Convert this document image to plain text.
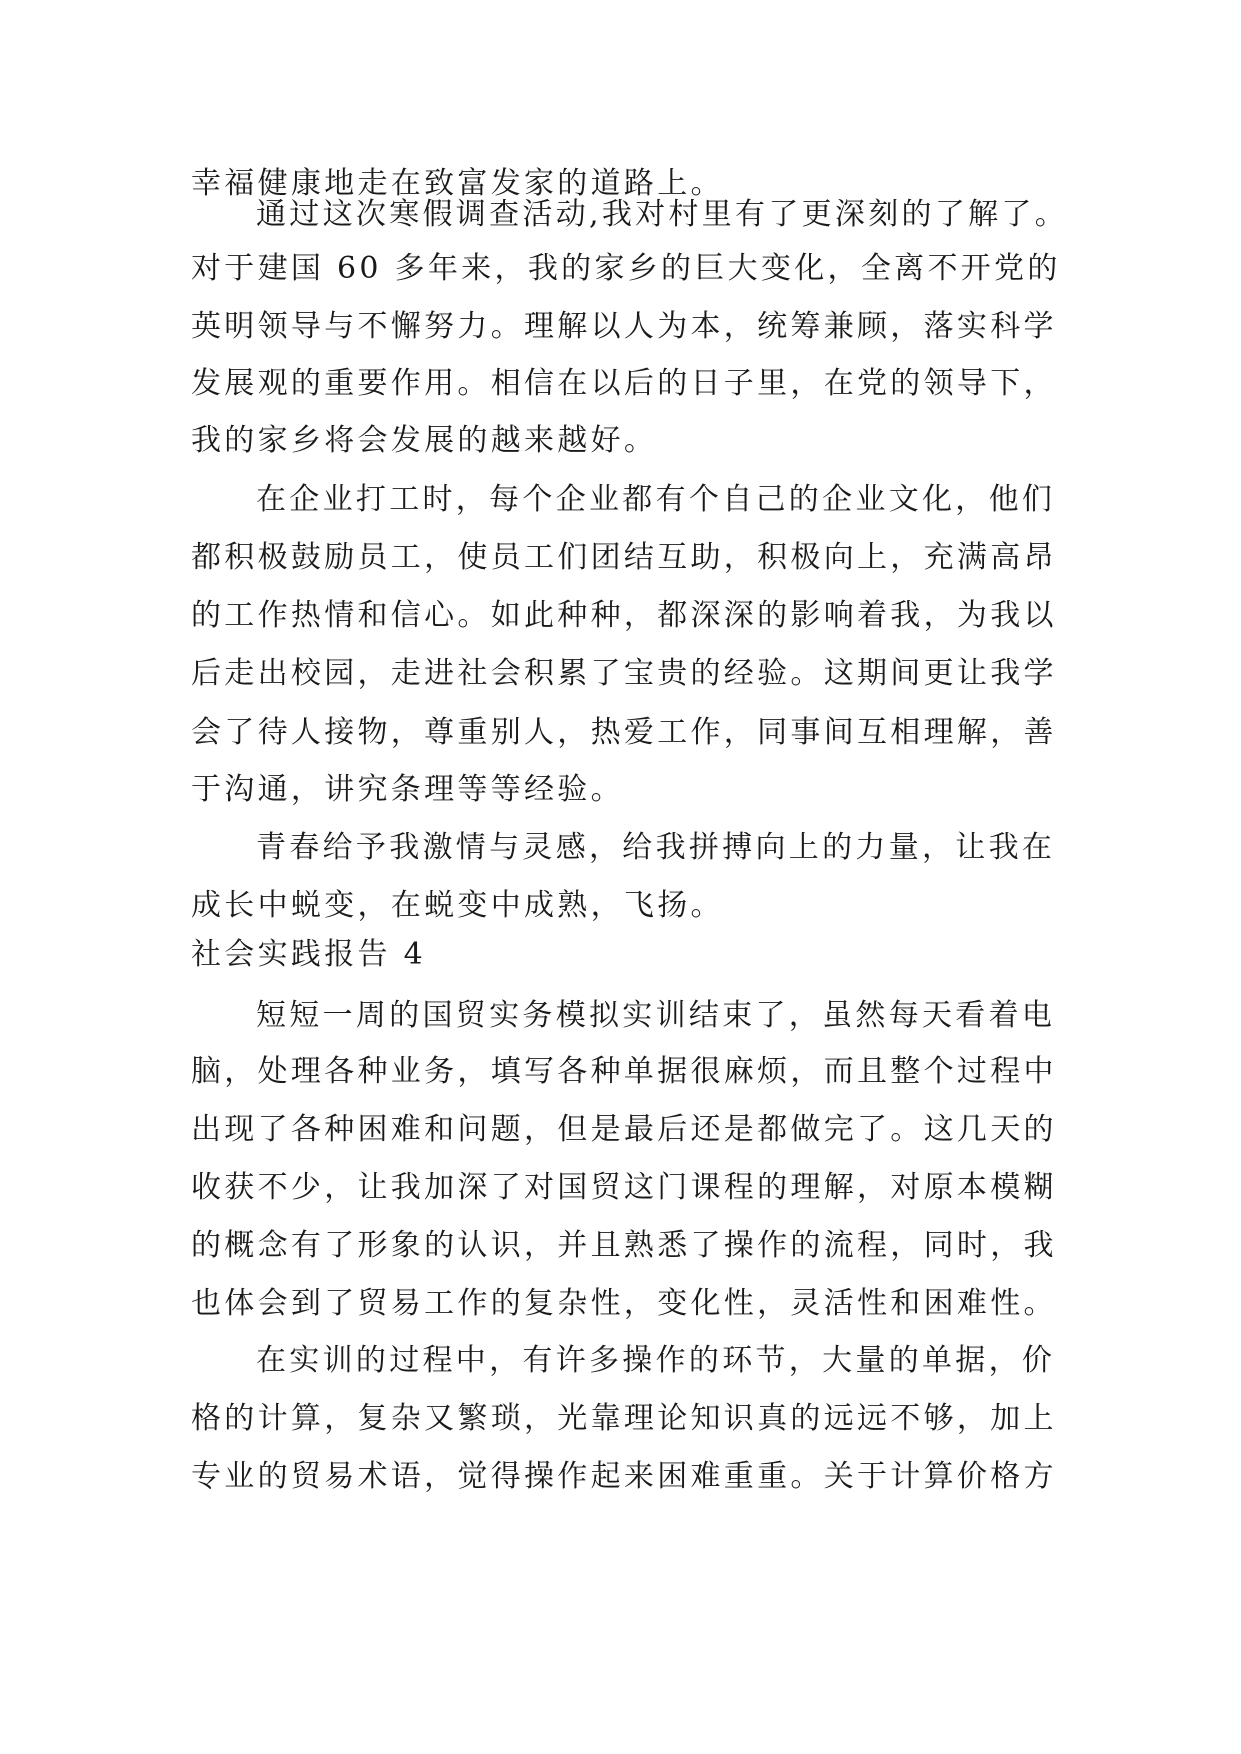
幸福健康地走在致富发家的道路上。
通过这次寒假调查活动,我对村里有了更深刻的了解了。
对于建国 60 多年来，我的家乡的巨大变化，全离不开党的
英明领导与不懈努力。理解以人为本，统筹兼顾，落实科学
发展观的重要作用。相信在以后的日子里，在党的领导下，
我的家乡将会发展的越来越好。
在企业打工时，每个企业都有个自己的企业文化，他们
都积极鼓励员工，使员工们团结互助，积极向上，充满高昂
的工作热情和信心。如此种种，都深深的影响着我，为我以
后走出校园，走进社会积累了宝贵的经验。这期间更让我学
会了待人接物，尊重别人，热爱工作，同事间互相理解，善
于沟通，讲究条理等等经验。
青春给予我激情与灵感，给我拼搏向上的力量，让我在
成长中蜕变，在蜕变中成熟，飞扬。
社会实践报告 4
短短一周的国贸实务模拟实训结束了，虽然每天看着电
脑，处理各种业务，填写各种单据很麻烦，而且整个过程中
出现了各种困难和问题，但是最后还是都做完了。这几天的
收获不少，让我加深了对国贸这门课程的理解，对原本模糊
的概念有了形象的认识，并且熟悉了操作的流程，同时，我
也体会到了贸易工作的复杂性，变化性，灵活性和困难性。
在实训的过程中，有许多操作的环节，大量的单据，价
格的计算，复杂又繁琐，光靠理论知识真的远远不够，加上
专业的贸易术语，觉得操作起来困难重重。关于计算价格方
